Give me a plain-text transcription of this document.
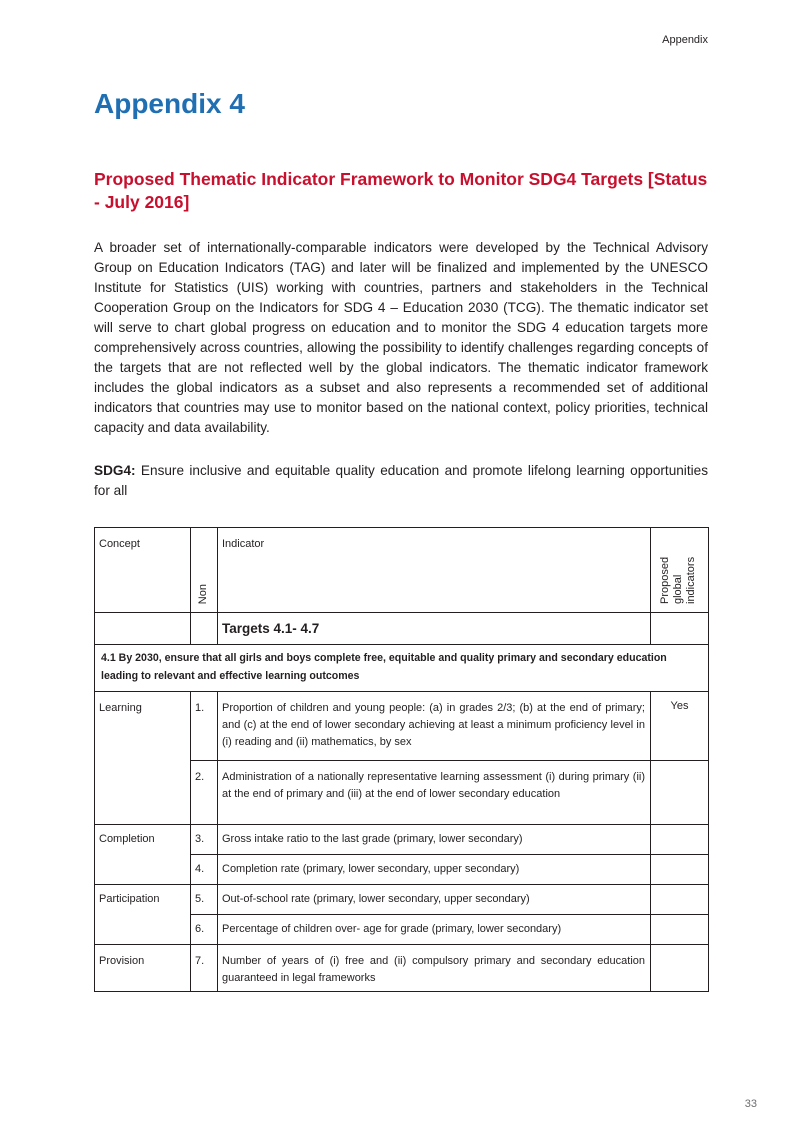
Appendix
Appendix 4
Proposed Thematic Indicator Framework to Monitor SDG4 Targets [Status - July 2016]

A broader set of internationally-comparable indicators were developed by the Technical Advisory Group on Education Indicators (TAG) and later will be finalized and implemented by the UNESCO Institute for Statistics (UIS) working with countries, partners and stakeholders in the Technical Cooperation Group on the Indicators for SDG 4 – Education 2030 (TCG). The thematic indicator set will serve to chart global progress on education and to monitor the SDG 4 education targets more comprehensively across countries, allowing the possibility to identify challenges regarding concepts of the targets that are not reflected well by the global indicators. The thematic indicator framework includes the global indicators as a subset and also represents a recommended set of additional indicators that countries may use to monitor based on the national context, policy priorities, technical capacity and data availability.

SDG4: Ensure inclusive and equitable quality education and promote lifelong learning opportunities for all

Concept	Non	Indicator	Proposed global indicators

		Targets 4.1- 4.7	

4.1 By 2030, ensure that all girls and boys complete free, equitable and quality primary and secondary education leading to relevant and effective learning outcomes			

Learning	1.	Proportion of children and young people: (a) in grades 2/3; (b) at the end of primary; and (c) at the end of lower secondary achieving at least a minimum proficiency level in (i) reading and (ii) mathematics, by sex	Yes

	2.	Administration of a nationally representative learning assessment (i) during primary (ii) at the end of primary and (iii) at the end of lower secondary education	

Completion	3.	Gross intake ratio to the last grade (primary, lower secondary)	

	4.	Completion rate (primary, lower secondary, upper secondary)	

Participation	5.	Out-of-school rate (primary, lower secondary, upper secondary)	

	6.	Percentage of children over- age for grade (primary, lower secondary)	

Provision	7.	Number of years of (i) free and (ii) compulsory primary and secondary education guaranteed in legal frameworks	

33
